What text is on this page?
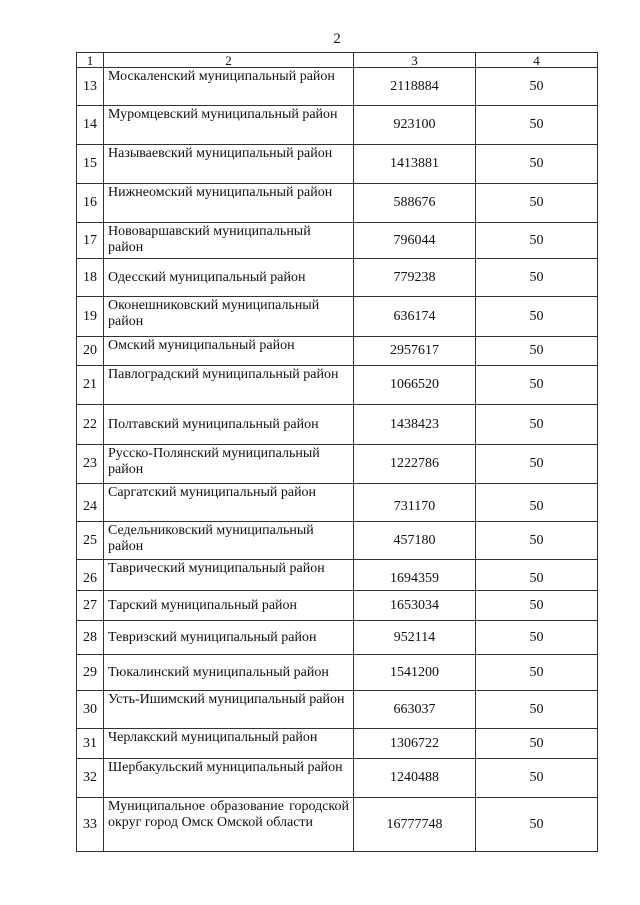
2
1	2	3	4
13	Москаленский муниципальный район	2118884	50
14	Муромцевский муниципальный район	923100	50
15	Называевский муниципальный район	1413881	50
16	Нижнеомский муниципальный район	588676	50
17	Нововаршавский муниципальный район	796044	50
18	Одесский муниципальный район	779238	50
19	Оконешниковский муниципальный район	636174	50
20	Омский муниципальный район	2957617	50
21	Павлоградский муниципальный район	1066520	50
22	Полтавский муниципальный район	1438423	50
23	Русско-Полянский муниципальный район	1222786	50
24	Саргатский муниципальный район	731170	50
25	Седельниковский муниципальный район	457180	50
26	Таврический муниципальный район	1694359	50
27	Тарский муниципальный район	1653034	50
28	Тевризский муниципальный район	952114	50
29	Тюкалинский муниципальный район	1541200	50
30	Усть-Ишимский муниципальный район	663037	50
31	Черлакский муниципальный район	1306722	50
32	Шербакульский муниципальный район	1240488	50
33	Муниципальное образование городской округ город Омск Омской области	16777748	50
